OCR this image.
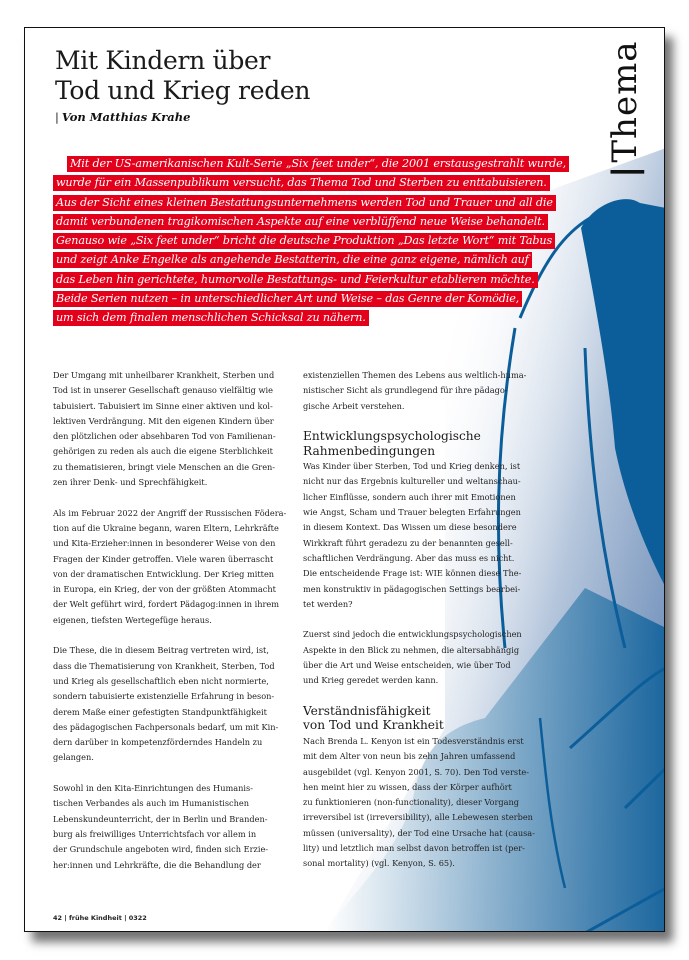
Mit Kindern über
Tod und Krieg reden
| Von Matthias Krahe
|Thema
Mit der US-amerikanischen Kult-Serie „Six feet under“, die 2001 erstausgestrahlt wurde,
wurde für ein Massenpublikum versucht, das Thema Tod und Sterben zu enttabuisieren.
Aus der Sicht eines kleinen Bestattungsunternehmens werden Tod und Trauer und all die
damit verbundenen tragikomischen Aspekte auf eine verblüffend neue Weise behandelt.
Genauso wie „Six feet under“ bricht die deutsche Produktion „Das letzte Wort“ mit Tabus
und zeigt Anke Engelke als angehende Bestatterin, die eine ganz eigene, nämlich auf
das Leben hin gerichtete, humorvolle Bestattungs- und Feierkultur etablieren möchte.
Beide Serien nutzen – in unterschiedlicher Art und Weise – das Genre der Komödie,
um sich dem finalen menschlichen Schicksal zu nähern.

Der Umgang mit unheilbarer Krankheit, Sterben und
Tod ist in unserer Gesellschaft genauso vielfältig wie
tabuisiert. Tabuisiert im Sinne einer aktiven und kol-
lektiven Verdrängung. Mit den eigenen Kindern über
den plötzlichen oder absehbaren Tod von Familienan-
gehörigen zu reden als auch die eigene Sterblichkeit
zu thematisieren, bringt viele Menschen an die Gren-
zen ihrer Denk- und Sprechfähigkeit.

Als im Februar 2022 der Angriff der Russischen Födera-
tion auf die Ukraine begann, waren Eltern, Lehrkräfte
und Kita-Erzieher:innen in besonderer Weise von den
Fragen der Kinder getroffen. Viele waren überrascht
von der dramatischen Entwicklung. Der Krieg mitten
in Europa, ein Krieg, der von der größten Atommacht
der Welt geführt wird, fordert Pädagog:innen in ihrem
eigenen, tiefsten Wertegefüge heraus.

Die These, die in diesem Beitrag vertreten wird, ist,
dass die Thematisierung von Krankheit, Sterben, Tod
und Krieg als gesellschaftlich eben nicht normierte,
sondern tabuisierte existenzielle Erfahrung in beson-
derem Maße einer gefestigten Standpunktfähigkeit
des pädagogischen Fachpersonals bedarf, um mit Kin-
dern darüber in kompetenzförderndes Handeln zu
gelangen.

Sowohl in den Kita-Einrichtungen des Humanis-
tischen Verbandes als auch im Humanistischen
Lebenskundeunterricht, der in Berlin und Branden-
burg als freiwilliges Unterrichtsfach vor allem in
der Grundschule angeboten wird, finden sich Erzie-
her:innen und Lehrkräfte, die die Behandlung der

existenziellen Themen des Lebens aus weltlich-huma-
nistischer Sicht als grundlegend für ihre pädago-
gische Arbeit verstehen.

Entwicklungspsychologische
Rahmenbedingungen

Was Kinder über Sterben, Tod und Krieg denken, ist
nicht nur das Ergebnis kultureller und weltanschau-
licher Einflüsse, sondern auch ihrer mit Emotionen
wie Angst, Scham und Trauer belegten Erfahrungen
in diesem Kontext. Das Wissen um diese besondere
Wirkkraft führt geradezu zu der benannten gesell-
schaftlichen Verdrängung. Aber das muss es nicht.
Die entscheidende Frage ist: WIE können diese The-
men konstruktiv in pädagogischen Settings bearbei-
tet werden?

Zuerst sind jedoch die entwicklungspsychologischen
Aspekte in den Blick zu nehmen, die altersabhängig
über die Art und Weise entscheiden, wie über Tod
und Krieg geredet werden kann.

Verständnisfähigkeit
von Tod und Krankheit

Nach Brenda L. Kenyon ist ein Todesverständnis erst
mit dem Alter von neun bis zehn Jahren umfassend
ausgebildet (vgl. Kenyon 2001, S. 70). Den Tod verste-
hen meint hier zu wissen, dass der Körper aufhört
zu funktionieren (non-functionality), dieser Vorgang
irreversibel ist (irreversibility), alle Lebewesen sterben
müssen (universality), der Tod eine Ursache hat (causa-
lity) und letztlich man selbst davon betroffen ist (per-
sonal mortality) (vgl. Kenyon, S. 65).

42 | frühe Kindheit | 0322
